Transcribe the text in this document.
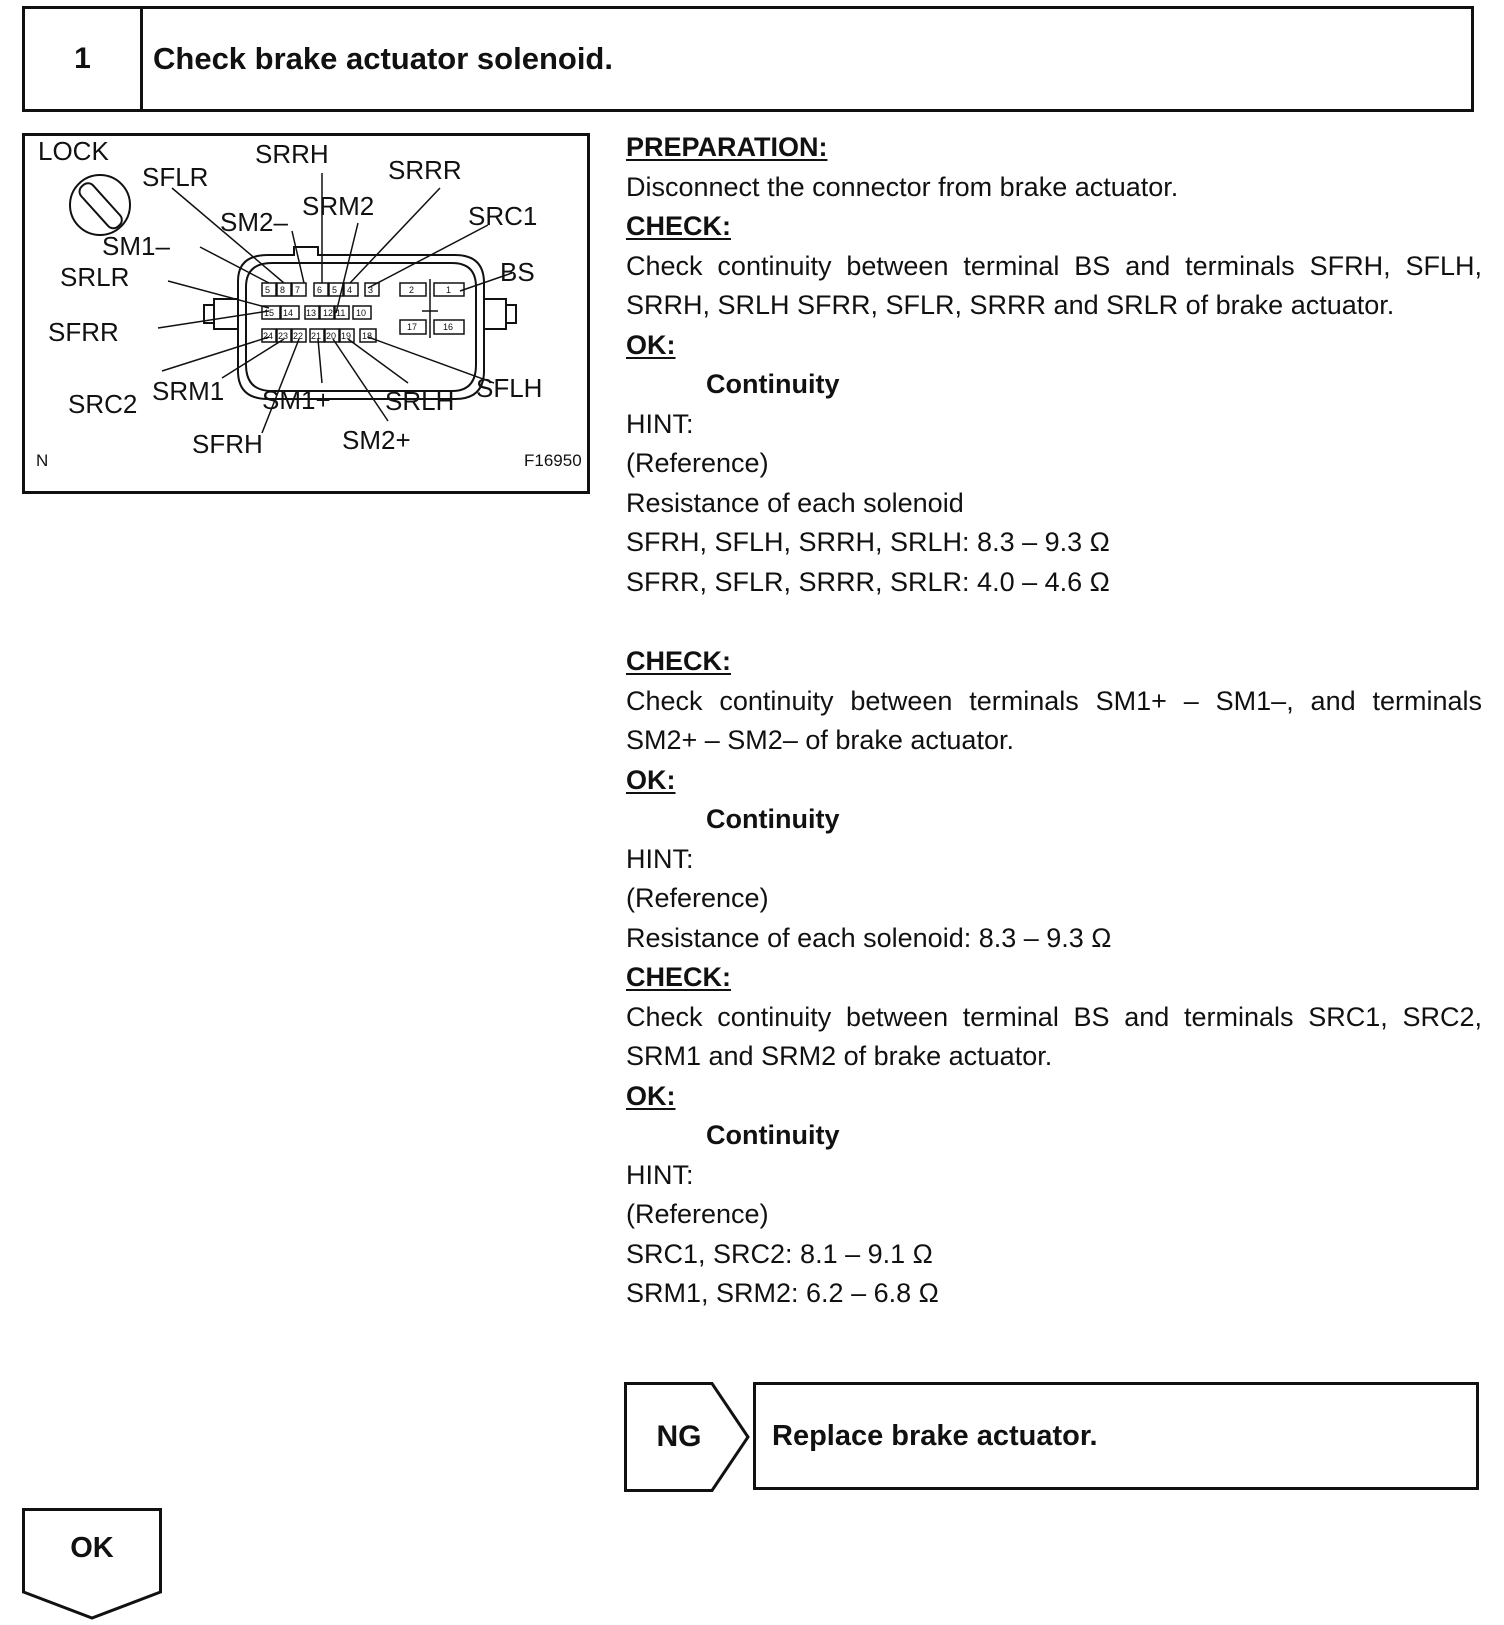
1	Check brake actuator solenoid.
5 8 7 6 5 4 3	2	1
15 14 13 12 11 10
17	16
24 23 22 21 20 19 18
LOCK
SFLR
SRRH
SRRR
SM2–
SRM2	SRC1
SM1–
SRLR	BS
SFRR
SFLH
SRC2 SRM1 SM1+ SRLH
SFRH	SM2+
N	F16950
PREPARATION:
Disconnect the connector from brake actuator.
CHECK:
Check continuity between terminal BS and terminals SFRH, SFLH, SRRH, SRLH SFRR, SFLR, SRRR and SRLR of brake actuator.
OK:
Continuity
HINT:
(Reference)
Resistance of each solenoid
SFRH, SFLH, SRRH, SRLH: 8.3 – 9.3 Ω
SFRR, SFLR, SRRR, SRLR: 4.0 – 4.6 Ω
CHECK:
Check continuity between terminals SM1+ – SM1–, and terminals SM2+ – SM2– of brake actuator.
OK:
Continuity
HINT:
(Reference)
Resistance of each solenoid: 8.3 – 9.3 Ω
CHECK:
Check continuity between terminal BS and terminals SRC1, SRC2, SRM1 and SRM2 of brake actuator.
OK:
Continuity
HINT:
(Reference)
SRC1, SRC2: 8.1 – 9.1 Ω
SRM1, SRM2: 6.2 – 6.8 Ω
NG	Replace brake actuator.
OK
